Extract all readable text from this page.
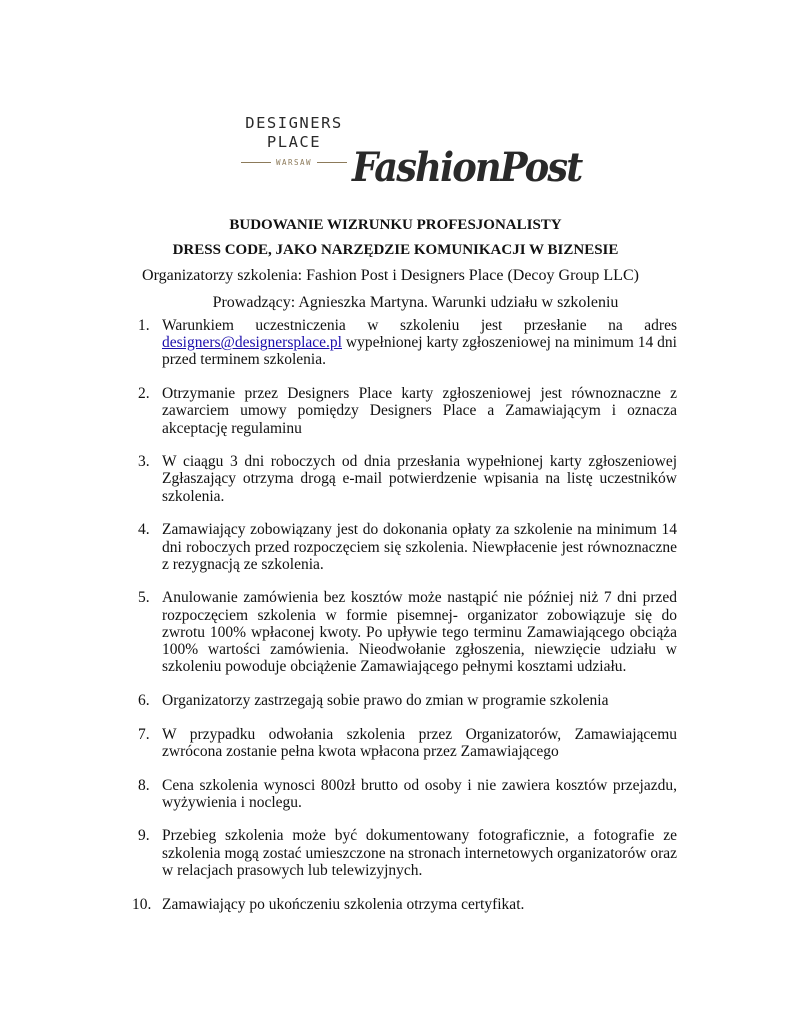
DESIGNERS
PLACE
WARSAW FashionPost
BUDOWANIE WIZRUNKU PROFESJONALISTY
DRESS CODE, JAKO NARZĘDZIE KOMUNIKACJI W BIZNESIE
Organizatorzy szkolenia: Fashion Post i Designers Place (Decoy Group LLC)
Prowadzący: Agnieszka Martyna. Warunki udziału w szkoleniu
1. Warunkiem uczestniczenia w szkoleniu jest przesłanie na adres designers@designersplace.pl wypełnionej karty zgłoszeniowej na minimum 14 dni przed terminem szkolenia.
2. Otrzymanie przez Designers Place karty zgłoszeniowej jest równoznaczne z zawarciem umowy pomiędzy Designers Place a Zamawiającym i oznacza akceptację regulaminu
3. W ciaągu 3 dni roboczych od dnia przesłania wypełnionej karty zgłoszeniowej Zgłaszający otrzyma drogą e-mail potwierdzenie wpisania na listę uczestników szkolenia.
4. Zamawiający zobowiązany jest do dokonania opłaty za szkolenie na minimum 14 dni roboczych przed rozpoczęciem się szkolenia. Niewpłacenie jest równoznaczne z rezygnacją ze szkolenia.
5. Anulowanie zamówienia bez kosztów może nastąpić nie później niż 7 dni przed rozpoczęciem szkolenia w formie pisemnej- organizator zobowiązuje się do zwrotu 100% wpłaconej kwoty. Po upływie tego terminu Zamawiającego obciąża 100% wartości zamówienia. Nieodwołanie zgłoszenia, niewzięcie udziału w szkoleniu powoduje obciążenie Zamawiającego pełnymi kosztami udziału.
6. Organizatorzy zastrzegają sobie prawo do zmian w programie szkolenia
7. W przypadku odwołania szkolenia przez Organizatorów, Zamawiającemu zwrócona zostanie pełna kwota wpłacona przez Zamawiającego
8. Cena szkolenia wynosci 800zł brutto od osoby i nie zawiera kosztów przejazdu, wyżywienia i noclegu.
9. Przebieg szkolenia może być dokumentowany fotograficznie, a fotografie ze szkolenia mogą zostać umieszczone na stronach internetowych organizatorów oraz w relacjach prasowych lub telewizyjnych.
10. Zamawiający po ukończeniu szkolenia otrzyma certyfikat.
